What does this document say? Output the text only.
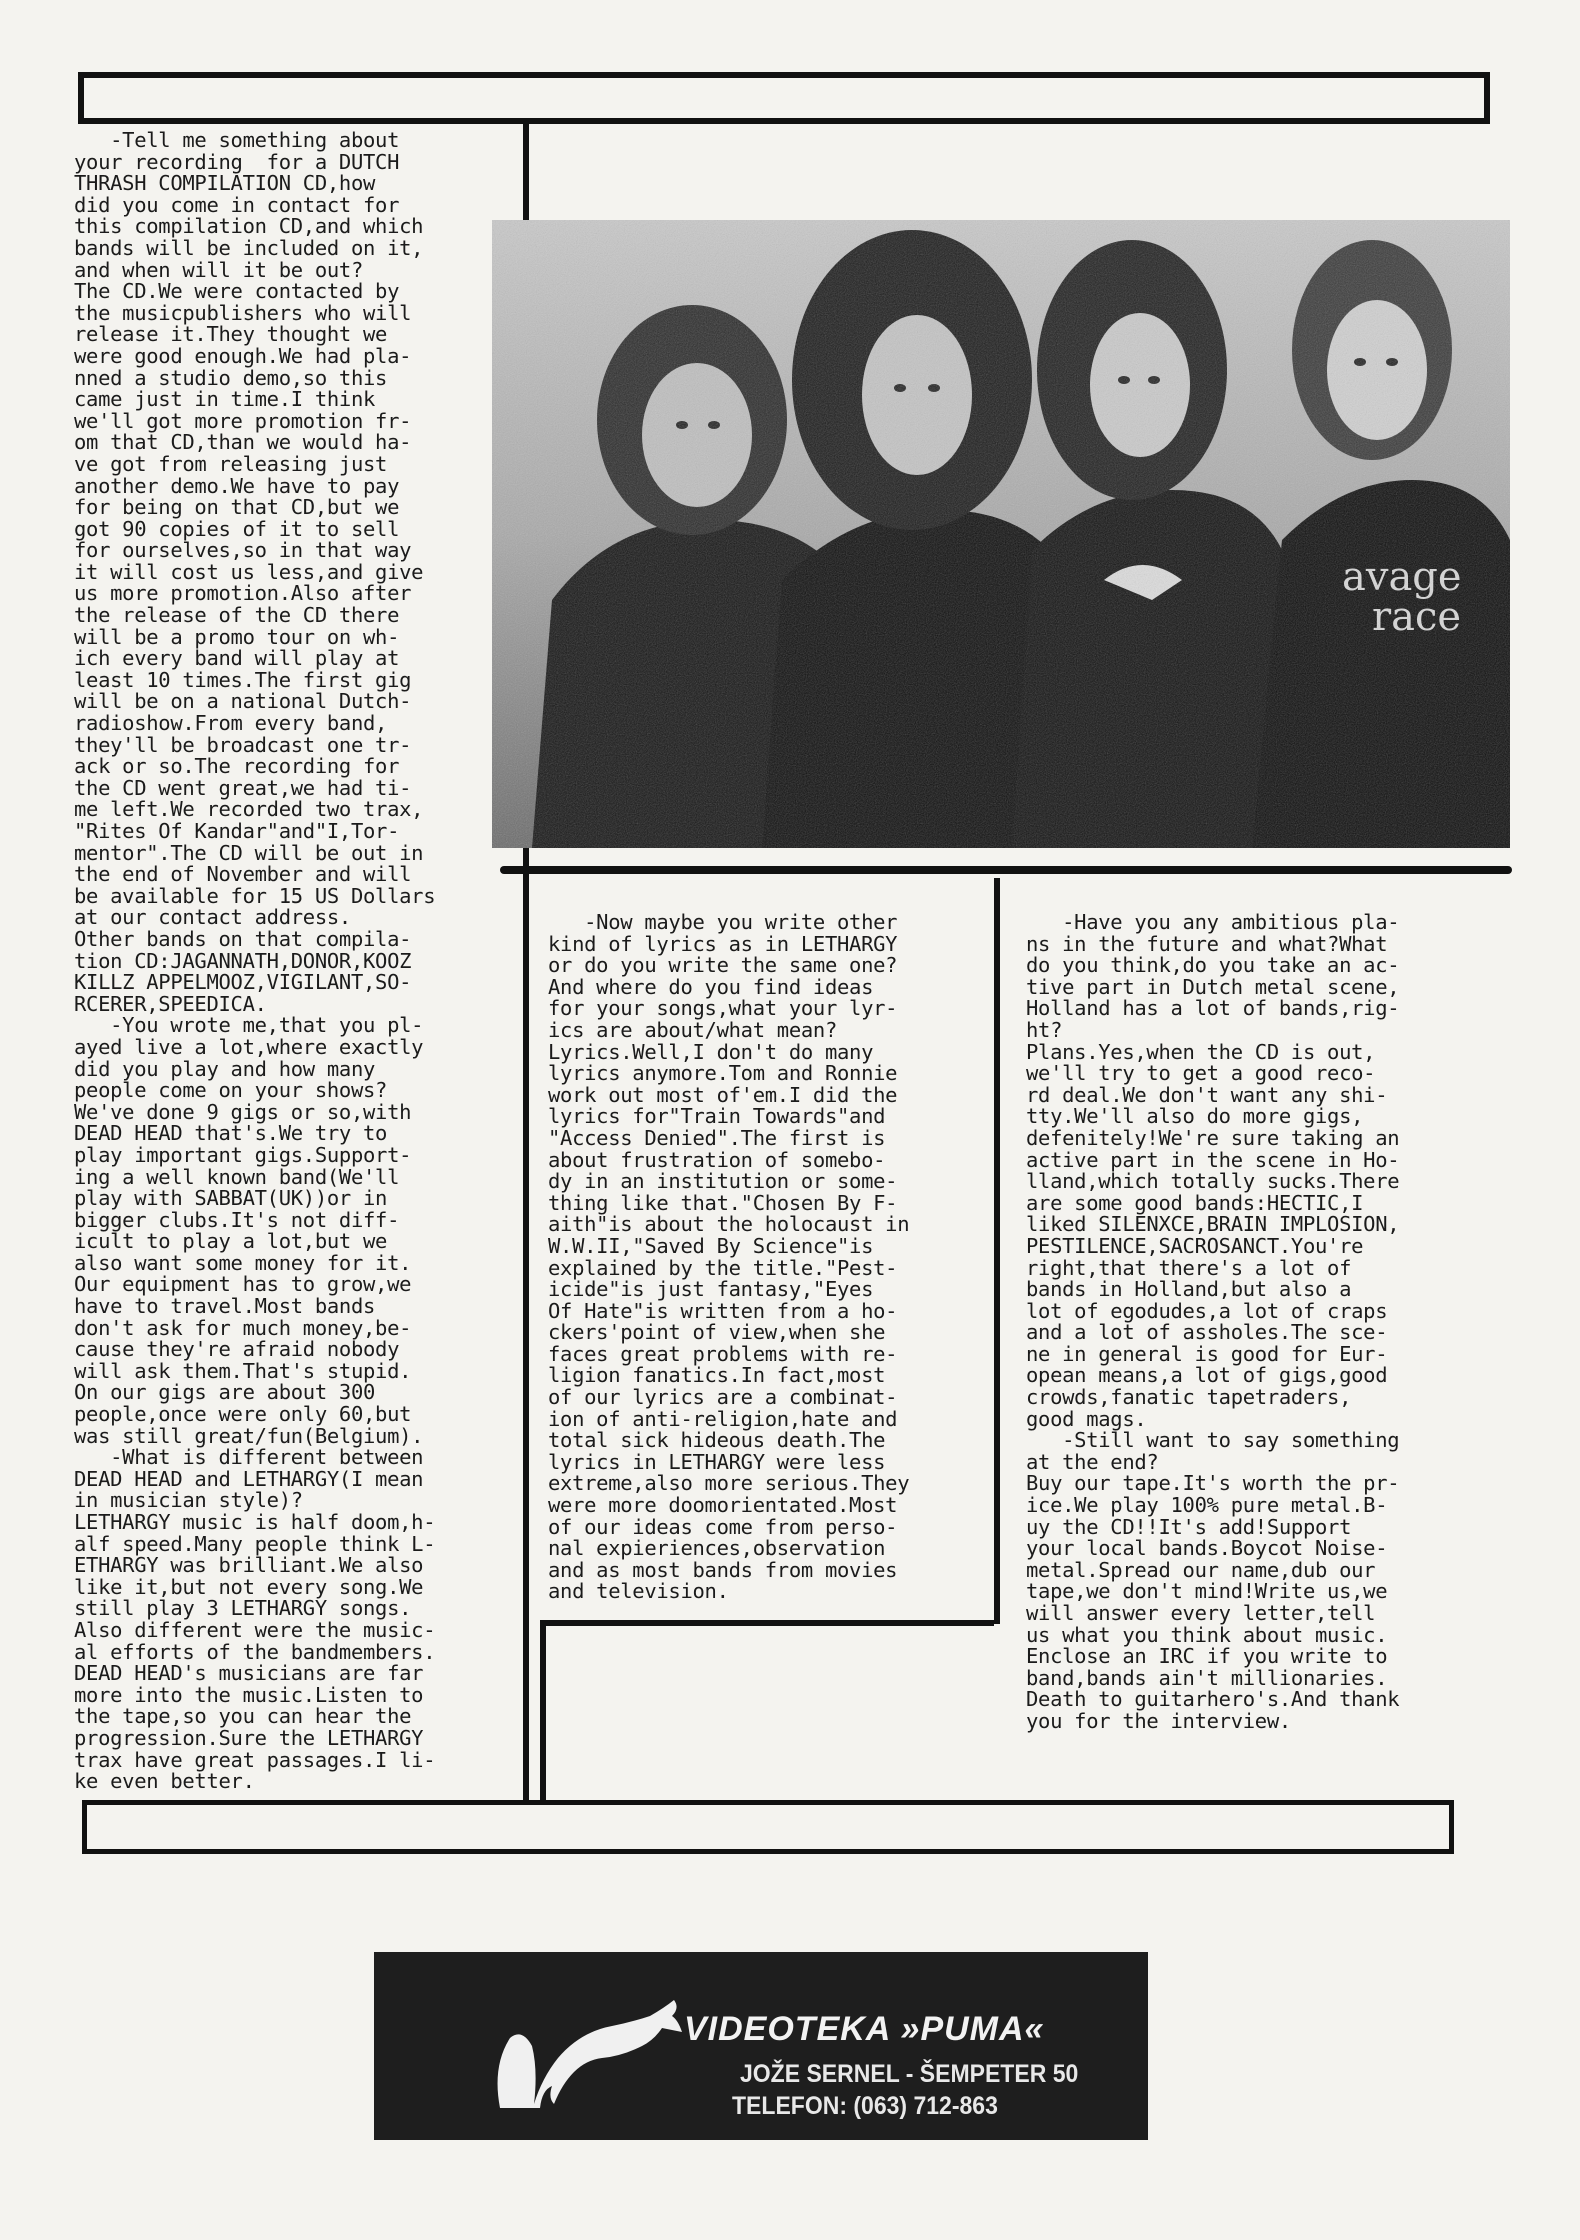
-Tell me something about
your recording  for a DUTCH
THRASH COMPILATION CD,how
did you come in contact for
this compilation CD,and which
bands will be included on it,
and when will it be out?
The CD.We were contacted by
the musicpublishers who will
release it.They thought we
were good enough.We had pla-
nned a studio demo,so this
came just in time.I think
we'll got more promotion fr-
om that CD,than we would ha-
ve got from releasing just
another demo.We have to pay
for being on that CD,but we
got 90 copies of it to sell
for ourselves,so in that way
it will cost us less,and give
us more promotion.Also after
the release of the CD there
will be a promo tour on wh-
ich every band will play at
least 10 times.The first gig
will be on a national Dutch-
radioshow.From every band,
they'll be broadcast one tr-
ack or so.The recording for
the CD went great,we had ti-
me left.We recorded two trax,
"Rites Of Kandar"and"I,Tor-
mentor".The CD will be out in
the end of November and will
be available for 15 US Dollars
at our contact address.
Other bands on that compila-
tion CD:JAGANNATH,DONOR,KOOZ
KILLZ APPELMOOZ,VIGILANT,SO-
RCERER,SPEEDICA.
-You wrote me,that you pl-
ayed live a lot,where exactly
did you play and how many
people come on your shows?
We've done 9 gigs or so,with
DEAD HEAD that's.We try to
play important gigs.Support-
ing a well known band(We'll
play with SABBAT(UK))or in
bigger clubs.It's not diff-
icult to play a lot,but we
also want some money for it.
Our equipment has to grow,we
have to travel.Most bands
don't ask for much money,be-
cause they're afraid nobody
will ask them.That's stupid.
On our gigs are about 300
people,once were only 60,but
was still great/fun(Belgium).
-What is different between
DEAD HEAD and LETHARGY(I mean
in musician style)?
LETHARGY music is half doom,h-
alf speed.Many people think L-
ETHARGY was brilliant.We also
like it,but not every song.We
still play 3 LETHARGY songs.
Also different were the music-
al efforts of the bandmembers.
DEAD HEAD's musicians are far
more into the music.Listen to
the tape,so you can hear the
progression.Sure the LETHARGY
trax have great passages.I li-
ke even better.
-Now maybe you write other
kind of lyrics as in LETHARGY
or do you write the same one?
And where do you find ideas
for your songs,what your lyr-
ics are about/what mean?
Lyrics.Well,I don't do many
lyrics anymore.Tom and Ronnie
work out most of'em.I did the
lyrics for"Train Towards"and
"Access Denied".The first is
about frustration of somebo-
dy in an institution or some-
thing like that."Chosen By F-
aith"is about the holocaust in
W.W.II,"Saved By Science"is
explained by the title."Pest-
icide"is just fantasy,"Eyes
Of Hate"is written from a ho-
ckers'point of view,when she
faces great problems with re-
ligion fanatics.In fact,most
of our lyrics are a combinat-
ion of anti-religion,hate and
total sick hideous death.The
lyrics in LETHARGY were less
extreme,also more serious.They
were more doomorientated.Most
of our ideas come from perso-
nal expieriences,observation
and as most bands from movies
and television.
-Have you any ambitious pla-
ns in the future and what?What
do you think,do you take an ac-
tive part in Dutch metal scene,
Holland has a lot of bands,rig-
ht?
Plans.Yes,when the CD is out,
we'll try to get a good reco-
rd deal.We don't want any shi-
tty.We'll also do more gigs,
defenitely!We're sure taking an
active part in the scene in Ho-
lland,which totally sucks.There
are some good bands:HECTIC,I
liked SILENXCE,BRAIN IMPLOSION,
PESTILENCE,SACROSANCT.You're
right,that there's a lot of
bands in Holland,but also a
lot of egodudes,a lot of craps
and a lot of assholes.The sce-
ne in general is good for Eur-
opean means,a lot of gigs,good
crowds,fanatic tapetraders,
good mags.
-Still want to say something
at the end?
Buy our tape.It's worth the pr-
ice.We play 100% pure metal.B-
uy the CD!!It's add!Support
your local bands.Boycot Noise-
metal.Spread our name,dub our
tape,we don't mind!Write us,we
will answer every letter,tell
us what you think about music.
Enclose an IRC if you write to
band,bands ain't millionaries.
Death to guitarhero's.And thank
you for the interview.
VIDEOTEKA »PUMA«
JOŽE SERNEL - ŠEMPETER 50
TELEFON: (063) 712-863
